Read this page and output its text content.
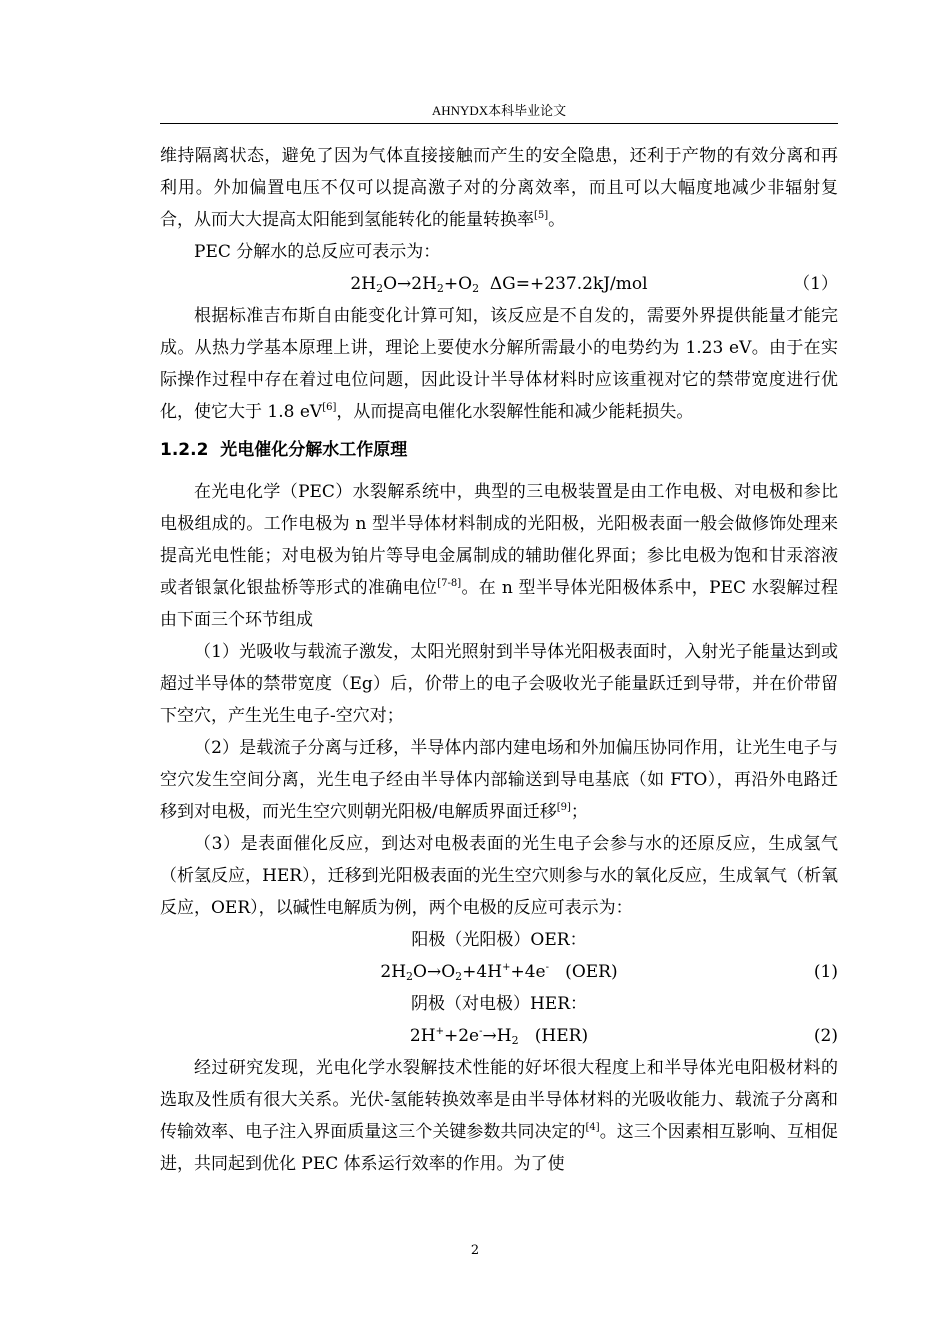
AHNYDX本科毕业论文

维持隔离状态，避免了因为气体直接接触而产生的安全隐患，还利于产物的有效分离和再利用。外加偏置电压不仅可以提高激子对的分离效率，而且可以大幅度地减少非辐射复合，从而大大提高太阳能到氢能转化的能量转换率[5]。

PEC 分解水的总反应可表示为：

$2H_2O\to 2H_2+O_2$  ΔG=+237.2kJ/mol	（1）

根据标准吉布斯自由能变化计算可知，该反应是不自发的，需要外界提供能量才能完成。从热力学基本原理上讲，理论上要使水分解所需最小的电势约为 1.23 eV。由于在实际操作过程中存在着过电位问题，因此设计半导体材料时应该重视对它的禁带宽度进行优化，使它大于 1.8 eV[6]，从而提高电催化水裂解性能和减少能耗损失。

1.2.2 光电催化分解水工作原理

在光电化学（PEC）水裂解系统中，典型的三电极装置是由工作电极、对电极和参比电极组成的。工作电极为 n 型半导体材料制成的光阳极，光阳极表面一般会做修饰处理来提高光电性能；对电极为铂片等导电金属制成的辅助催化界面；参比电极为饱和甘汞溶液或者银氯化银盐桥等形式的准确电位[7-8]。在 n 型半导体光阳极体系中，PEC 水裂解过程由下面三个环节组成

（1）光吸收与载流子激发，太阳光照射到半导体光阳极表面时，入射光子能量达到或超过半导体的禁带宽度（Eg）后，价带上的电子会吸收光子能量跃迁到导带，并在价带留下空穴，产生光生电子-空穴对；

（2）是载流子分离与迁移，半导体内部内建电场和外加偏压协同作用，让光生电子与空穴发生空间分离，光生电子经由半导体内部输送到导电基底（如 FTO），再沿外电路迁移到对电极，而光生空穴则朝光阳极/电解质界面迁移[9]；

（3）是表面催化反应，到达对电极表面的光生电子会参与水的还原反应，生成氢气（析氢反应，HER），迁移到光阳极表面的光生空穴则参与水的氧化反应，生成氧气（析氧反应，OER），以碱性电解质为例，两个电极的反应可表示为：

阳极（光阳极）OER：

$2H_2O\to O_2+4H^++4e^-$   (OER)	(1)

阴极（对电极）HER：

$2H^++2e^-\to H_2$   (HER)	(2)

经过研究发现，光电化学水裂解技术性能的好坏很大程度上和半导体光电阳极材料的选取及性质有很大关系。光伏-氢能转换效率是由半导体材料的光吸收能力、载流子分离和传输效率、电子注入界面质量这三个关键参数共同决定的[4]。这三个因素相互影响、互相促进，共同起到优化 PEC 体系运行效率的作用。为了使

2
